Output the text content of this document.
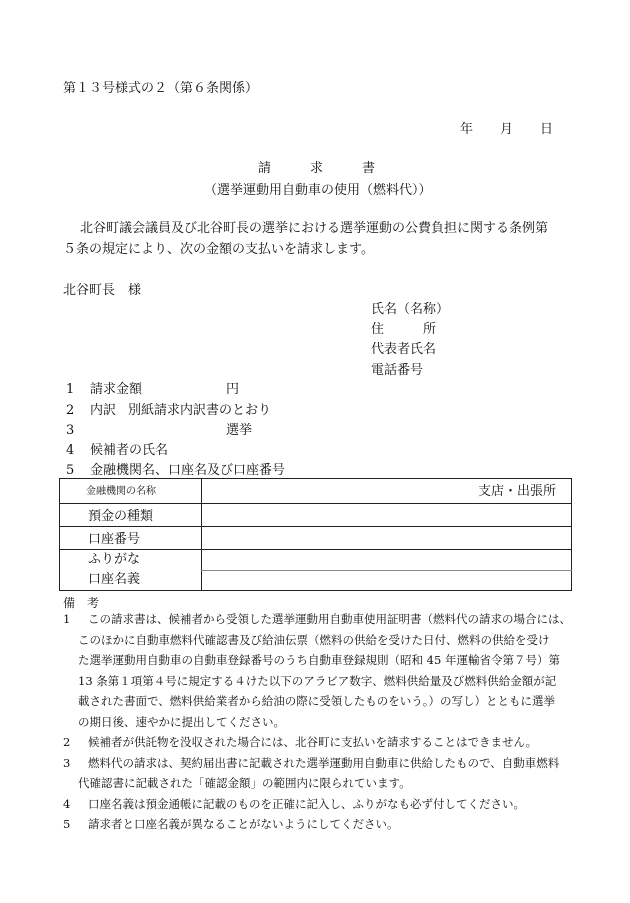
第１３号様式の２（第６条関係）
年 月 日
請　　　求　　　書
（選挙運動用自動車の使用（燃料代））
北谷町議会議員及び北谷町長の選挙における選挙運動の公費負担に関する条例第
５条の規定により、次の金額の支払いを請求します。
北谷町長　様
氏名（名称）
住　　　所
代表者氏名
電話番号
1 請求金額	円
2 内訳 別紙請求内訳書のとおり
3	選挙
4 候補者の氏名
5 金融機関名、口座名及び口座番号
金融機関の名称	支店・出張所
預金の種類
口座番号
ふりがな
口座名義
備　考
1 この請求書は、候補者から受領した選挙運動用自動車使用証明書（燃料代の請求の場合には、
このほかに自動車燃料代確認書及び給油伝票（燃料の供給を受けた日付、燃料の供給を受け
た選挙運動用自動車の自動車登録番号のうち自動車登録規則（昭和 45 年運輸省令第７号）第
13 条第１項第４号に規定する４けた以下のアラビア数字、燃料供給量及び燃料供給金額が記
載された書面で、燃料供給業者から給油の際に受領したものをいう。）の写し）とともに選挙
の期日後、速やかに提出してください。
2 候補者が供託物を没収された場合には、北谷町に支払いを請求することはできません。
3 燃料代の請求は、契約届出書に記載された選挙運動用自動車に供給したもので、自動車燃料
代確認書に記載された「確認金額」の範囲内に限られています。
4 口座名義は預金通帳に記載のものを正確に記入し、ふりがなも必ず付してください。
5 請求者と口座名義が異なることがないようにしてください。
